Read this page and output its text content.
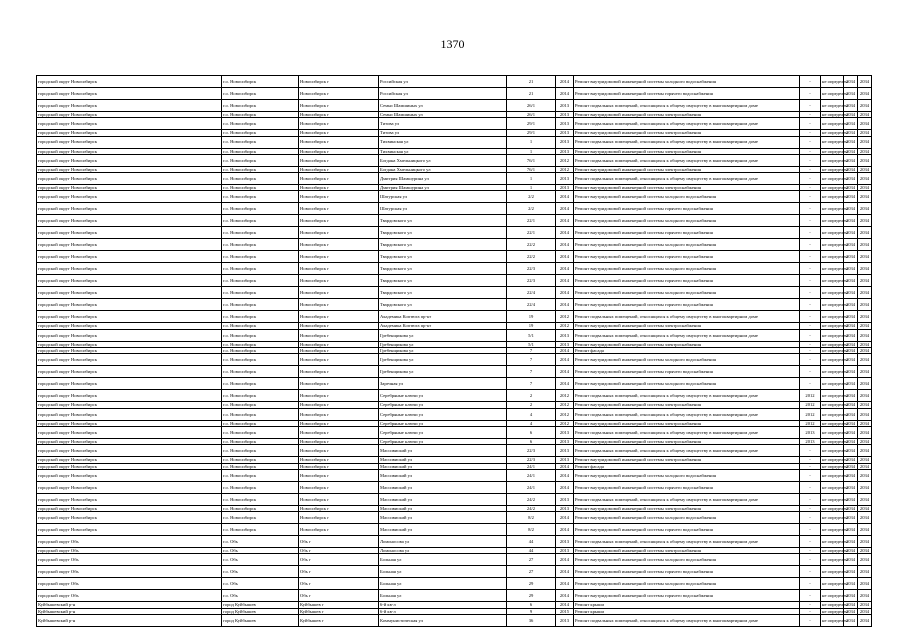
1370
городской округ Новосибирск	г.о. Новосибирск	Новосибирск г	Российская ул	21	2014	Ремонт внутридомовой инженерной системы холодного водоснабжения	-	не определен	2034	2034
городской округ Новосибирск	г.о. Новосибирск	Новосибирск г	Российская ул	21	2014	Ремонт внутридомовой инженерной системы горячего водоснабжения	-	не определен	2034	2034
городской округ Новосибирск	г.о. Новосибирск	Новосибирск г	Семьи Шамшиных ул	26/1	2013	Ремонт подвальных помещений, относящихся к общему имуществу в многоквартирном доме	-	не определен	2034	2034
городской округ Новосибирск	г.о. Новосибирск	Новосибирск г	Семьи Шамшиных ул	26/1	2013	Ремонт внутридомовой инженерной системы электроснабжения	-	не определен	2034	2034
городской округ Новосибирск	г.о. Новосибирск	Новосибирск г	Титова ул	29/1	2013	Ремонт подвальных помещений, относящихся к общему имуществу в многоквартирном доме	-	не определен	2034	2034
городской округ Новосибирск	г.о. Новосибирск	Новосибирск г	Титова ул	29/1	2013	Ремонт внутридомовой инженерной системы электроснабжения	-	не определен	2034	2034
городской округ Новосибирск	г.о. Новосибирск	Новосибирск г	Тихвинская ул	1	2013	Ремонт подвальных помещений, относящихся к общему имуществу в многоквартирном доме	-	не определен	2034	2034
городской округ Новосибирск	г.о. Новосибирск	Новосибирск г	Тихвинская ул	1	2013	Ремонт внутридомовой инженерной системы электроснабжения	-	не определен	2034	2034
городской округ Новосибирск	г.о. Новосибирск	Новосибирск г	Богдана Хмельницкого ул	76/1	2012	Ремонт подвальных помещений, относящихся к общему имуществу в многоквартирном доме	-	не определен	2034	2034
городской округ Новосибирск	г.о. Новосибирск	Новосибирск г	Богдана Хмельницкого ул	76/1	2012	Ремонт внутридомовой инженерной системы электроснабжения	-	не определен	2034	2034
городской округ Новосибирск	г.о. Новосибирск	Новосибирск г	Дмитрия Шамшурина ул	1	2013	Ремонт подвальных помещений, относящихся к общему имуществу в многоквартирном доме	-	не определен	2034	2034
городской округ Новосибирск	г.о. Новосибирск	Новосибирск г	Дмитрия Шамшурина ул	1	2013	Ремонт внутридомовой инженерной системы электроснабжения	-	не определен	2034	2034
городской округ Новосибирск	г.о. Новосибирск	Новосибирск г	Шатурская ул	2/2	2014	Ремонт внутридомовой инженерной системы холодного водоснабжения	-	не определен	2034	2034
городской округ Новосибирск	г.о. Новосибирск	Новосибирск г	Шатурская ул	2/2	2014	Ремонт внутридомовой инженерной системы горячего водоснабжения	-	не определен	2034	2034
городской округ Новосибирск	г.о. Новосибирск	Новосибирск г	Твардовского ул	22/1	2014	Ремонт внутридомовой инженерной системы холодного водоснабжения	-	не определен	2034	2034
городской округ Новосибирск	г.о. Новосибирск	Новосибирск г	Твардовского ул	22/1	2014	Ремонт внутридомовой инженерной системы горячего водоснабжения	-	не определен	2034	2034
городской округ Новосибирск	г.о. Новосибирск	Новосибирск г	Твардовского ул	22/2	2014	Ремонт внутридомовой инженерной системы холодного водоснабжения	-	не определен	2034	2034
городской округ Новосибирск	г.о. Новосибирск	Новосибирск г	Твардовского ул	22/2	2014	Ремонт внутридомовой инженерной системы горячего водоснабжения	-	не определен	2034	2034
городской округ Новосибирск	г.о. Новосибирск	Новосибирск г	Твардовского ул	22/3	2014	Ремонт внутридомовой инженерной системы холодного водоснабжения	-	не определен	2034	2034
городской округ Новосибирск	г.о. Новосибирск	Новосибирск г	Твардовского ул	22/3	2014	Ремонт внутридомовой инженерной системы горячего водоснабжения	-	не определен	2034	2034
городской округ Новосибирск	г.о. Новосибирск	Новосибирск г	Твардовского ул	22/4	2014	Ремонт внутридомовой инженерной системы холодного водоснабжения	-	не определен	2034	2034
городской округ Новосибирск	г.о. Новосибирск	Новосибирск г	Твардовского ул	22/4	2014	Ремонт внутридомовой инженерной системы горячего водоснабжения	-	не определен	2034	2034
городской округ Новосибирск	г.о. Новосибирск	Новосибирск г	Академика Коптюга пр-кт	19	2012	Ремонт подвальных помещений, относящихся к общему имуществу в многоквартирном доме	-	не определен	2034	2034
городской округ Новосибирск	г.о. Новосибирск	Новосибирск г	Академика Коптюга пр-кт	19	2012	Ремонт внутридомовой инженерной системы электроснабжения	-	не определен	2034	2034
городской округ Новосибирск	г.о. Новосибирск	Новосибирск г	Гребенщикова ул	5/1	2013	Ремонт подвальных помещений, относящихся к общему имуществу в многоквартирном доме	-	не определен	2034	2034
городской округ Новосибирск	г.о. Новосибирск	Новосибирск г	Гребенщикова ул	5/1	2013	Ремонт внутридомовой инженерной системы электроснабжения	-	не определен	2034	2034
городской округ Новосибирск	г.о. Новосибирск	Новосибирск г	Гребенщикова ул	7	2014	Ремонт фасада	-	не определен	2034	2034
городской округ Новосибирск	г.о. Новосибирск	Новосибирск г	Гребенщикова ул	7	2014	Ремонт внутридомовой инженерной системы холодного водоснабжения	-	не определен	2034	2034
городской округ Новосибирск	г.о. Новосибирск	Новосибирск г	Гребенщикова ул	7	2014	Ремонт внутридомовой инженерной системы горячего водоснабжения	-	не определен	2034	2034
городской округ Новосибирск	г.о. Новосибирск	Новосибирск г	Заречная ул	7	2014	Ремонт внутридомовой инженерной системы холодного водоснабжения	-	не определен	2034	2034
городской округ Новосибирск	г.о. Новосибирск	Новосибирск г	Серебряные ключи ул	2	2012	Ремонт подвальных помещений, относящихся к общему имуществу в многоквартирном доме	2012	не определен	2034	2034
городской округ Новосибирск	г.о. Новосибирск	Новосибирск г	Серебряные ключи ул	2	2012	Ремонт внутридомовой инженерной системы электроснабжения	2012	не определен	2034	2034
городской округ Новосибирск	г.о. Новосибирск	Новосибирск г	Серебряные ключи ул	4	2012	Ремонт подвальных помещений, относящихся к общему имуществу в многоквартирном доме	2012	не определен	2034	2034
городской округ Новосибирск	г.о. Новосибирск	Новосибирск г	Серебряные ключи ул	4	2012	Ремонт внутридомовой инженерной системы электроснабжения	2012	не определен	2034	2034
городской округ Новосибирск	г.о. Новосибирск	Новосибирск г	Серебряные ключи ул	6	2013	Ремонт подвальных помещений, относящихся к общему имуществу в многоквартирном доме	2013	не определен	2034	2034
городской округ Новосибирск	г.о. Новосибирск	Новосибирск г	Серебряные ключи ул	6	2013	Ремонт внутридомовой инженерной системы электроснабжения	2013	не определен	2034	2034
городской округ Новосибирск	г.о. Новосибирск	Новосибирск г	Массивиский ул	22/3	2013	Ремонт подвальных помещений, относящихся к общему имуществу в многоквартирном доме	-	не определен	2034	2034
городской округ Новосибирск	г.о. Новосибирск	Новосибирск г	Массивиский ул	22/3	2013	Ремонт внутридомовой инженерной системы электроснабжения	-	не определен	2034	2034
городской округ Новосибирск	г.о. Новосибирск	Новосибирск г	Массивиский ул	24/1	2014	Ремонт фасада	-	не определен	2034	2034
городской округ Новосибирск	г.о. Новосибирск	Новосибирск г	Массивиский ул	24/1	2014	Ремонт внутридомовой инженерной системы холодного водоснабжения	-	не определен	2034	2034
городской округ Новосибирск	г.о. Новосибирск	Новосибирск г	Массивиский ул	24/1	2014	Ремонт внутридомовой инженерной системы горячего водоснабжения	-	не определен	2034	2034
городской округ Новосибирск	г.о. Новосибирск	Новосибирск г	Массивиский ул	24/2	2013	Ремонт подвальных помещений, относящихся к общему имуществу в многоквартирном доме	-	не определен	2034	2034
городской округ Новосибирск	г.о. Новосибирск	Новосибирск г	Массивиский ул	24/2	2013	Ремонт внутридомовой инженерной системы электроснабжения	-	не определен	2034	2034
городской округ Новосибирск	г.о. Новосибирск	Новосибирск г	Массивиский ул	8/2	2014	Ремонт внутридомовой инженерной системы холодного водоснабжения	-	не определен	2034	2034
городской округ Новосибирск	г.о. Новосибирск	Новосибирск г	Массивиский ул	8/2	2014	Ремонт внутридомовой инженерной системы горячего водоснабжения	-	не определен	2034	2034
городской округ Обь	г.о. Обь	Обь г	Ломоносова ул	44	2013	Ремонт подвальных помещений, относящихся к общему имуществу в многоквартирном доме	-	не определен	2034	2034
городской округ Обь	г.о. Обь	Обь г	Ломоносова ул	44	2013	Ремонт внутридомовой инженерной системы электроснабжения	-	не определен	2034	2034
городской округ Обь	г.о. Обь	Обь г	Больная ул	27	2014	Ремонт внутридомовой инженерной системы холодного водоснабжения	-	не определен	2034	2034
городской округ Обь	г.о. Обь	Обь г	Больная ул	27	2014	Ремонт внутридомовой инженерной системы горячего водоснабжения	-	не определен	2034	2034
городской округ Обь	г.о. Обь	Обь г	Больная ул	29	2014	Ремонт внутридомовой инженерной системы холодного водоснабжения	-	не определен	2034	2034
городской округ Обь	г.о. Обь	Обь г	Больная ул	29	2014	Ремонт внутридомовой инженерной системы горячего водоснабжения	-	не определен	2034	2034
Куйбышевский р-н	город Куйбышев	Куйбышев г	6-й кв-л	6	2014	Ремонт крыши	-	не определен	2034	2034
Куйбышевский р-н	город Куйбышев	Куйбышев г	6-й кв-л	9	2015	Ремонт крыши	-	не определен	2034	2034
Куйбышевский р-н	город Куйбышев	Куйбышев г	Коммунистическая ул	36	2013	Ремонт подвальных помещений, относящихся к общему имуществу в многоквартирном доме	-	не определен	2034	2034
